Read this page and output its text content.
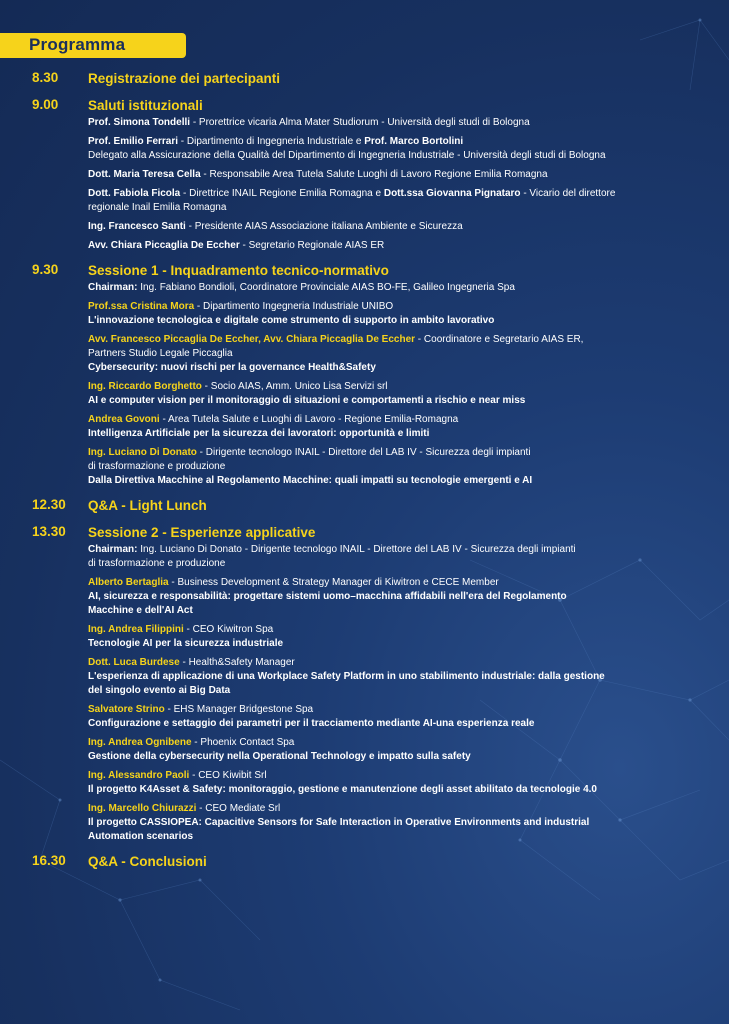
Programma
8.30 Registrazione dei partecipanti
9.00 Saluti istituzionali
Prof. Simona Tondelli - Prorettrice vicaria Alma Mater Studiorum - Università degli studi di Bologna
Prof. Emilio Ferrari - Dipartimento di Ingegneria Industriale e Prof. Marco Bortolini
Delegato alla Assicurazione della Qualità del Dipartimento di Ingegneria Industriale - Università degli studi di Bologna
Dott. Maria Teresa Cella - Responsabile Area Tutela Salute Luoghi di Lavoro Regione Emilia Romagna
Dott. Fabiola Ficola - Direttrice INAIL Regione Emilia Romagna e Dott.ssa Giovanna Pignataro - Vicario del direttore
regionale Inail Emilia Romagna
Ing. Francesco Santi - Presidente AIAS Associazione italiana Ambiente e Sicurezza
Avv. Chiara Piccaglia De Eccher - Segretario Regionale AIAS ER
9.30 Sessione 1 - Inquadramento tecnico-normativo
Chairman: Ing. Fabiano Bondioli, Coordinatore Provinciale AIAS BO-FE, Galileo Ingegneria Spa
Prof.ssa Cristina Mora - Dipartimento Ingegneria Industriale UNIBO
L'innovazione tecnologica e digitale come strumento di supporto in ambito lavorativo
Avv. Francesco Piccaglia De Eccher, Avv. Chiara Piccaglia De Eccher - Coordinatore e Segretario AIAS ER,
Partners Studio Legale Piccaglia
Cybersecurity: nuovi rischi per la governance Health&Safety
Ing. Riccardo Borghetto - Socio AIAS, Amm. Unico Lisa Servizi srl
AI e computer vision per il monitoraggio di situazioni e comportamenti a rischio e near miss
Andrea Govoni - Area Tutela Salute e Luoghi di Lavoro - Regione Emilia-Romagna
Intelligenza Artificiale per la sicurezza dei lavoratori: opportunità e limiti
Ing. Luciano Di Donato - Dirigente tecnologo INAIL - Direttore del LAB IV - Sicurezza degli impianti
di trasformazione e produzione
Dalla Direttiva Macchine al Regolamento Macchine: quali impatti su tecnologie emergenti e AI
12.30 Q&A - Light Lunch
13.30 Sessione 2 - Esperienze applicative
Chairman: Ing. Luciano Di Donato - Dirigente tecnologo INAIL - Direttore del LAB IV - Sicurezza degli impianti
di trasformazione e produzione
Alberto Bertaglia - Business Development & Strategy Manager di Kiwitron e CECE Member
AI, sicurezza e responsabilità: progettare sistemi uomo–macchina affidabili nell'era del Regolamento
Macchine e dell'AI Act
Ing. Andrea Filippini - CEO Kiwitron Spa
Tecnologie AI per la sicurezza industriale
Dott. Luca Burdese - Health&Safety Manager
L'esperienza di applicazione di una Workplace Safety Platform in uno stabilimento industriale: dalla gestione
del singolo evento ai Big Data
Salvatore Strino - EHS Manager Bridgestone Spa
Configurazione e settaggio dei parametri per il tracciamento mediante AI-una esperienza reale
Ing. Andrea Ognibene - Phoenix Contact Spa
Gestione della cybersecurity nella Operational Technology e impatto sulla safety
Ing. Alessandro Paoli - CEO Kiwibit Srl
Il progetto K4Asset & Safety: monitoraggio, gestione e manutenzione degli asset abilitato da tecnologie 4.0
Ing. Marcello Chiurazzi - CEO Mediate Srl
Il progetto CASSIOPEA: Capacitive Sensors for Safe Interaction in Operative Environments and industrial
Automation scenarios
16.30 Q&A - Conclusioni
